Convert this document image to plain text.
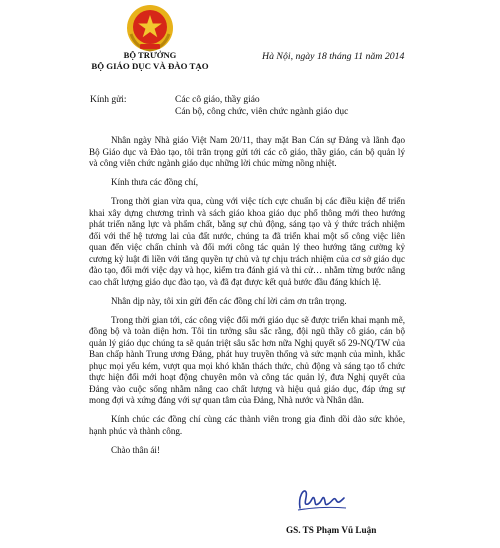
BỘ TRƯỞNG
BỘ GIÁO DỤC VÀ ĐÀO TẠO
Hà Nội, ngày 18 tháng 11 năm 2014
Kính gửi:	Các cô giáo, thầy giáo
Cán bộ, công chức, viên chức ngành giáo dục

Nhân ngày Nhà giáo Việt Nam 20/11, thay mặt Ban Cán sự Đảng và lãnh đạo Bộ Giáo dục và Đào tạo, tôi trân trọng gửi tới các cô giáo, thầy giáo, cán bộ quản lý và công viên chức ngành giáo dục những lời chúc mừng nồng nhiệt.

Kính thưa các đồng chí,

Trong thời gian vừa qua, cùng với việc tích cực chuẩn bị các điều kiện để triển khai xây dựng chương trình và sách giáo khoa giáo dục phổ thông mới theo hướng phát triển năng lực và phẩm chất, bằng sự chủ động, sáng tạo và ý thức trách nhiệm đối với thế hệ tương lai của đất nước, chúng ta đã triển khai một số công việc liên quan đến việc chấn chỉnh và đổi mới công tác quản lý theo hướng tăng cường kỷ cương kỷ luật đi liền với tăng quyền tự chủ và tự chịu trách nhiệm của cơ sở giáo dục đào tạo, đổi mới việc dạy và học, kiểm tra đánh giá và thi cử… nhằm từng bước nâng cao chất lượng giáo dục đào tạo, và đã đạt được kết quả bước đầu đáng khích lệ.

Nhân dịp này, tôi xin gửi đến các đồng chí lời cảm ơn trân trọng.

Trong thời gian tới, các công việc đổi mới giáo dục sẽ được triển khai mạnh mẽ, đồng bộ và toàn diện hơn. Tôi tin tưởng sâu sắc rằng, đội ngũ thầy cô giáo, cán bộ quản lý giáo dục chúng ta sẽ quán triệt sâu sắc hơn nữa Nghị quyết số 29-NQ/TW của Ban chấp hành Trung ương Đảng, phát huy truyền thống và sức mạnh của mình, khắc phục mọi yếu kém, vượt qua mọi khó khăn thách thức, chủ động và sáng tạo tổ chức thực hiện đổi mới hoạt động chuyên môn và công tác quản lý, đưa Nghị quyết của Đảng vào cuộc sống nhằm nâng cao chất lượng và hiệu quả giáo dục, đáp ứng sự mong đợi và xứng đáng với sự quan tâm của Đảng, Nhà nước và Nhân dân.

Kính chúc các đồng chí cùng các thành viên trong gia đình dồi dào sức khỏe, hạnh phúc và thành công.

Chào thân ái!

GS. TS Phạm Vũ Luận
